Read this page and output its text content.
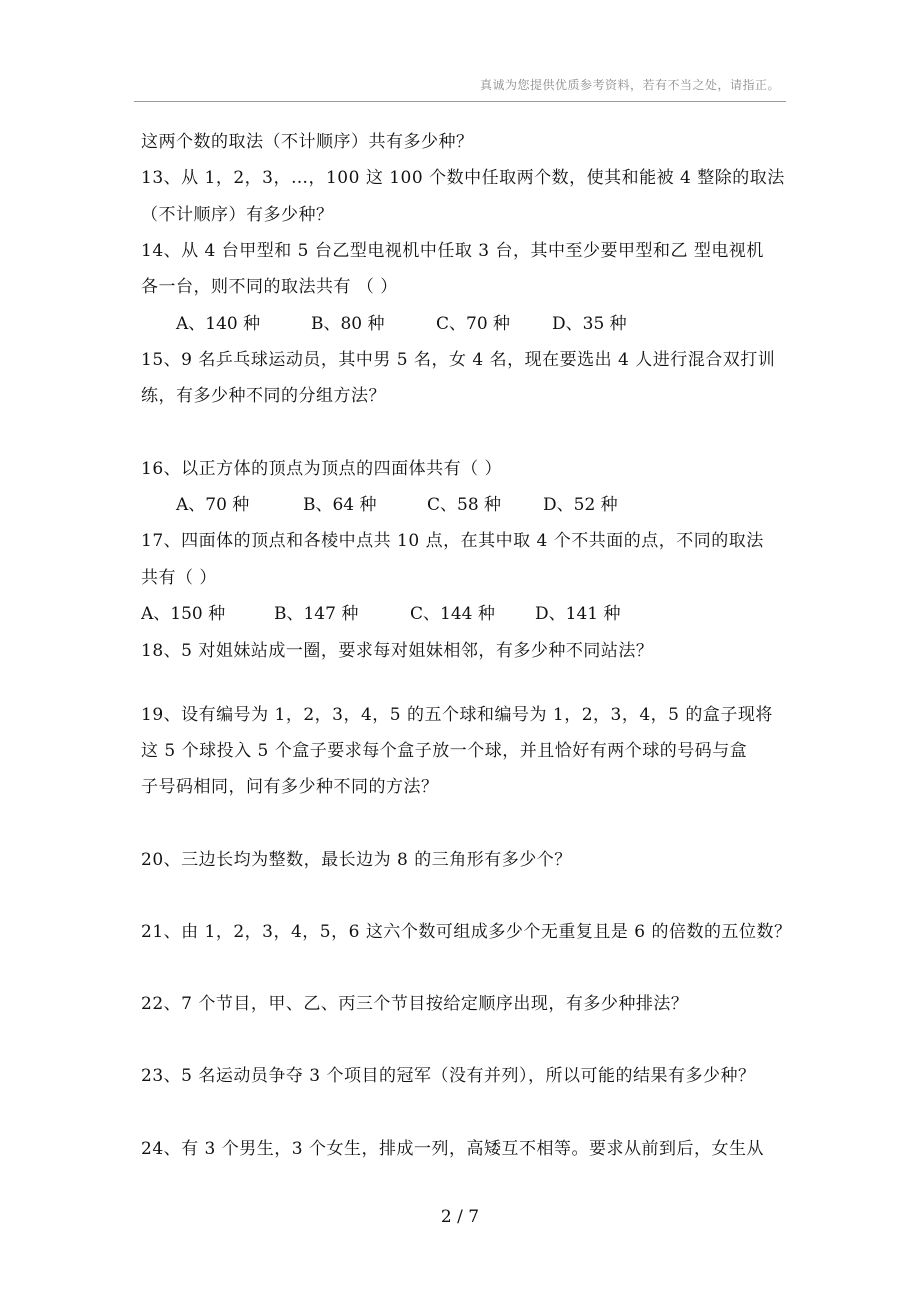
真诚为您提供优质参考资料，若有不当之处，请指正。
这两个数的取法（不计顺序）共有多少种？
13、从 1，2，3，…，100 这 100 个数中任取两个数，使其和能被 4 整除的取法
（不计顺序）有多少种？
14、从 4 台甲型和 5 台乙型电视机中任取 3 台，其中至少要甲型和乙 型电视机
各一台，则不同的取法共有 （ ）
A、140 种	B、80 种	C、70 种 D、35 种
15、9 名乒乓球运动员，其中男 5 名，女 4 名，现在要选出 4 人进行混合双打训
练，有多少种不同的分组方法？
16、以正方体的顶点为顶点的四面体共有（ ）
A、70 种	B、64 种	C、58 种 D、52 种
17、四面体的顶点和各棱中点共 10 点，在其中取 4 个不共面的点，不同的取法
共有（ ）
A、150 种	B、147 种	C、144 种 D、141 种
18、5 对姐妹站成一圈，要求每对姐妹相邻，有多少种不同站法？
19、设有编号为 1，2，3，4，5 的五个球和编号为 1，2，3，4，5 的盒子现将
这 5 个球投入 5 个盒子要求每个盒子放一个球，并且恰好有两个球的号码与盒
子号码相同，问有多少种不同的方法？
20、三边长均为整数，最长边为 8 的三角形有多少个？
21、由 1，2，3，4，5，6 这六个数可组成多少个无重复且是 6 的倍数的五位数？
22、7 个节目，甲、乙、丙三个节目按给定顺序出现，有多少种排法？
23、5 名运动员争夺 3 个项目的冠军（没有并列），所以可能的结果有多少种？
24、有 3 个男生，3 个女生，排成一列，高矮互不相等。要求从前到后，女生从
2 / 7
